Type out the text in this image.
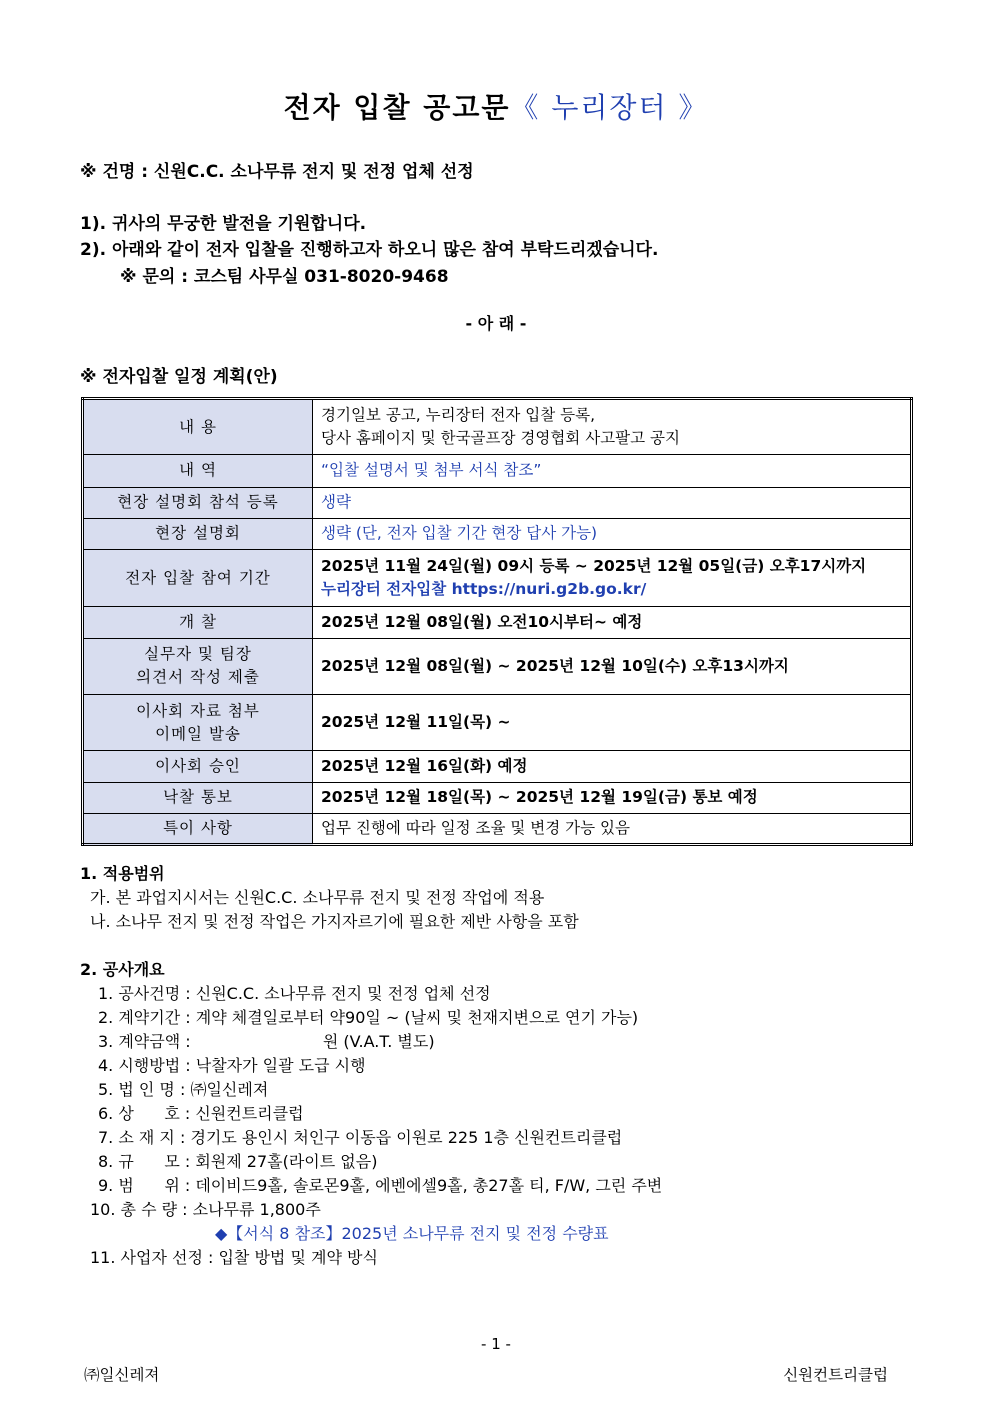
전자 입찰 공고문《 누리장터 》
※ 건명 : 신원C.C. 소나무류 전지 및 전정 업체 선정
1). 귀사의 무궁한 발전을 기원합니다.
2). 아래와 같이 전자 입찰을 진행하고자 하오니 많은 참여 부탁드리겠습니다.
※ 문의 : 코스팀 사무실 031-8020-9468
- 아 래 -
※ 전자입찰 일정 계획(안)
내 용	경기일보 공고, 누리장터 전자 입찰 등록,
당사 홈페이지 및 한국골프장 경영협회 사고팔고 공지

내 역	“입찰 설명서 및 첨부 서식 참조”
현장 설명회 참석 등록	생략
현장 설명회	생략 (단, 전자 입찰 기간 현장 답사 가능)
전자 입찰 참여 기간	2025년 11월 24일(월) 09시 등록 ~ 2025년 12월 05일(금) 오후17시까지
누리장터 전자입찰 https://nuri.g2b.go.kr/

개 찰	2025년 12월 08일(월) 오전10시부터~ 예정

실무자 및 팀장
의견서 작성 제출	2025년 12월 08일(월) ~ 2025년 12월 10일(수) 오후13시까지

이사회 자료 첨부
이메일 발송	2025년 12월 11일(목) ~
이사회 승인	2025년 12월 16일(화) 예정
낙찰 통보	2025년 12월 18일(목) ~ 2025년 12월 19일(금) 통보 예정
특이 사항	업무 진행에 따라 일정 조율 및 변경 가능 있음
1. 적용범위
가. 본 과업지시서는 신원C.C. 소나무류 전지 및 전정 작업에 적용
나. 소나무 전지 및 전정 작업은 가지자르기에 필요한 제반 사항을 포함
2. 공사개요
1. 공사건명 : 신원C.C. 소나무류 전지 및 전정 업체 선정
2. 계약기간 : 계약 체결일로부터 약90일 ~ (날씨 및 천재지변으로 연기 가능)
3. 계약금액 :                          원 (V.A.T. 별도)
4. 시행방법 : 낙찰자가 일괄 도급 시행
5. 법 인 명 : ㈜일신레져
6. 상      호 : 신원컨트리클럽
7. 소 재 지 : 경기도 용인시 처인구 이동읍 이원로 225 1층 신원컨트리클럽
8. 규      모 : 회원제 27홀(라이트 없음)
9. 범      위 : 데이비드9홀, 솔로몬9홀, 에벤에셀9홀, 총27홀 티, F/W, 그린 주변
10. 총 수 량 : 소나무류 1,800주
◆【서식 8 참조】2025년 소나무류 전지 및 전정 수량표
11. 사업자 선정 : 입찰 방법 및 계약 방식
- 1 -
㈜일신레져	신원컨트리클럽
